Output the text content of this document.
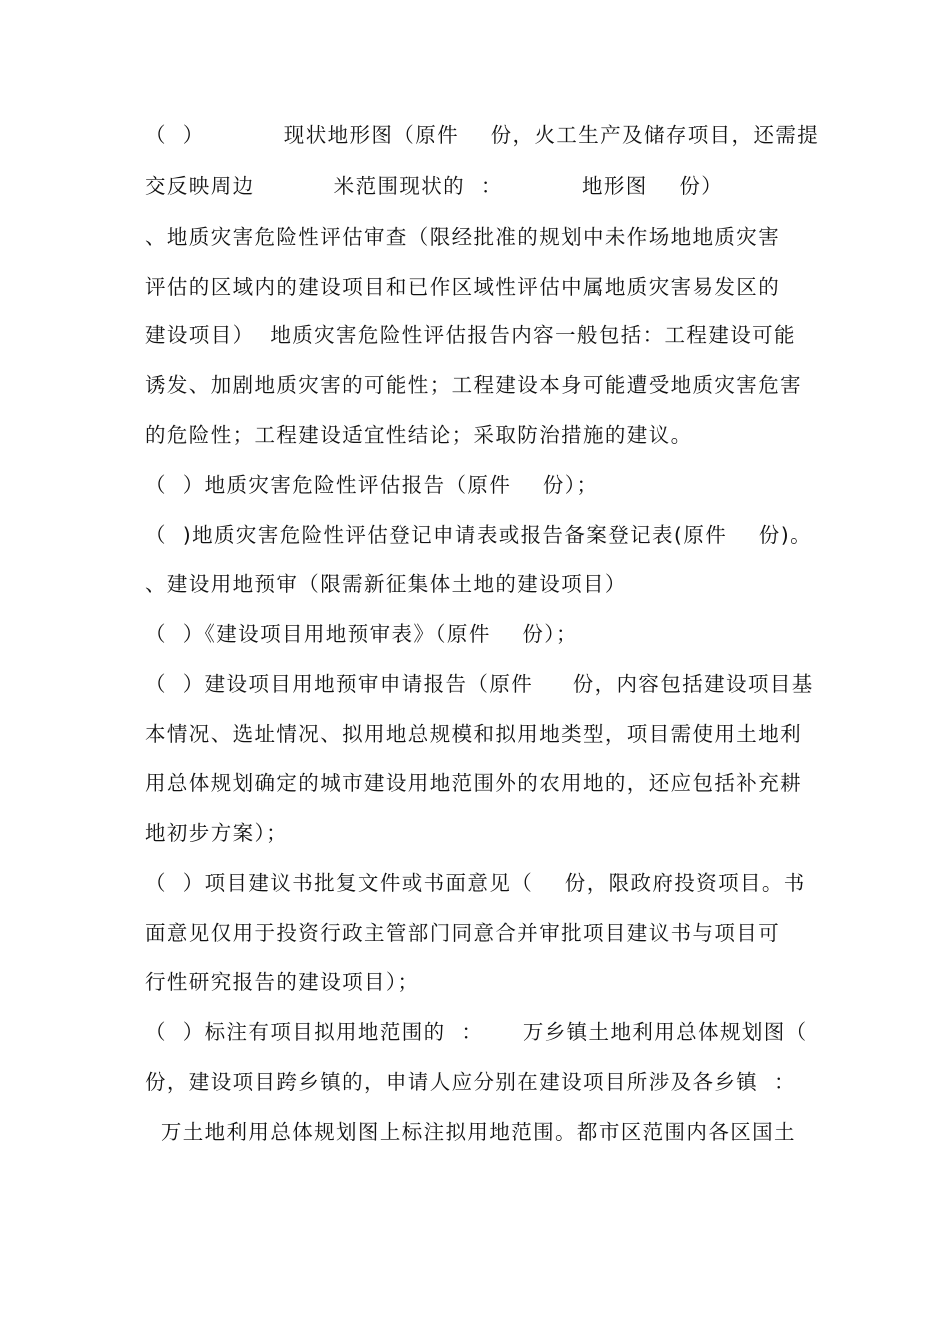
（  ）          现状地形图（原件    份，火工生产及储存项目，还需提
交反映周边          米范围现状的  ：          地形图    份）
、地质灾害危险性评估审查（限经批准的规划中未作场地地质灾害
评估的区域内的建设项目和已作区域性评估中属地质灾害易发区的
建设项目）  地质灾害危险性评估报告内容一般包括：工程建设可能
诱发、加剧地质灾害的可能性；工程建设本身可能遭受地质灾害危害
的危险性；工程建设适宜性结论；采取防治措施的建议。
（  ）地质灾害危险性评估报告（原件    份）；
（  )地质灾害危险性评估登记申请表或报告备案登记表(原件    份)。
、建设用地预审（限需新征集体土地的建设项目）
（  ）《建设项目用地预审表》（原件    份）；
（  ）建设项目用地预审申请报告（原件     份，内容包括建设项目基
本情况、选址情况、拟用地总规模和拟用地类型，项目需使用土地利
用总体规划确定的城市建设用地范围外的农用地的，还应包括补充耕
地初步方案）；
（  ）项目建议书批复文件或书面意见（    份，限政府投资项目。书
面意见仅用于投资行政主管部门同意合并审批项目建议书与项目可
行性研究报告的建设项目）；
（  ）标注有项目拟用地范围的  ：     万乡镇土地利用总体规划图（
份，建设项目跨乡镇的，申请人应分别在建设项目所涉及各乡镇  ：
万土地利用总体规划图上标注拟用地范围。都市区范围内各区国土
